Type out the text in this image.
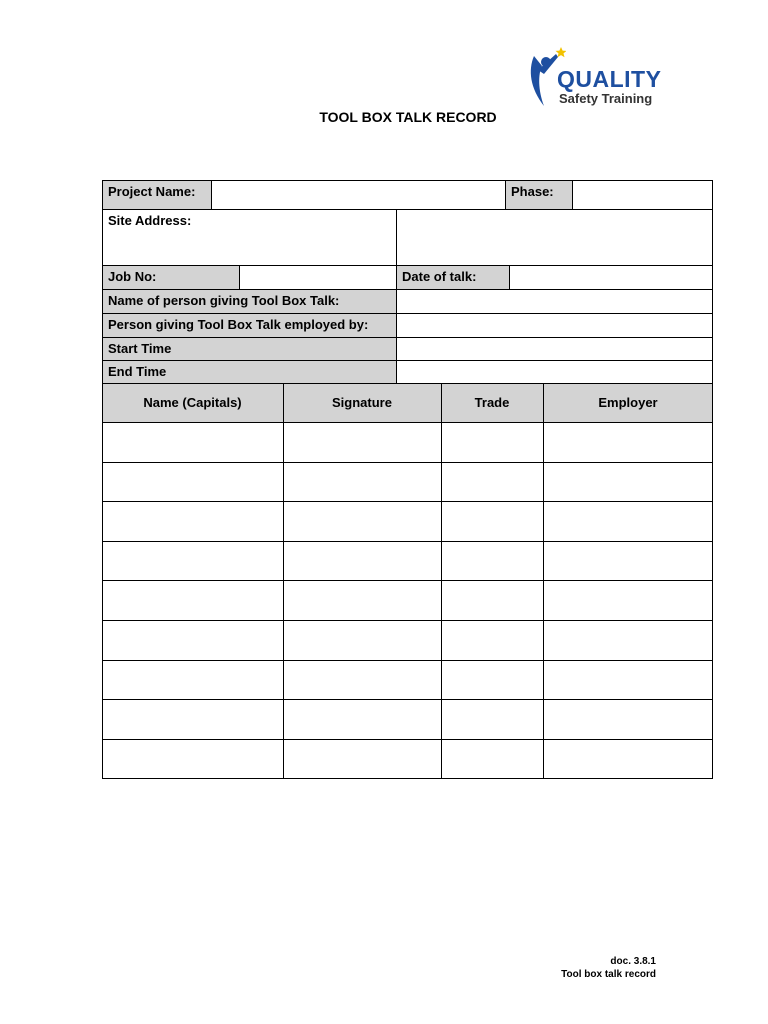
QUALITY
Safety Training
TOOL BOX TALK RECORD
Project Name:	Phase:
Site Address:
Job No:	Date of talk:
Name of person giving Tool Box Talk:
Person giving Tool Box Talk employed by:
Start Time
End Time
Name (Capitals)	Signature	Trade	Employer
doc. 3.8.1
Tool box talk record
